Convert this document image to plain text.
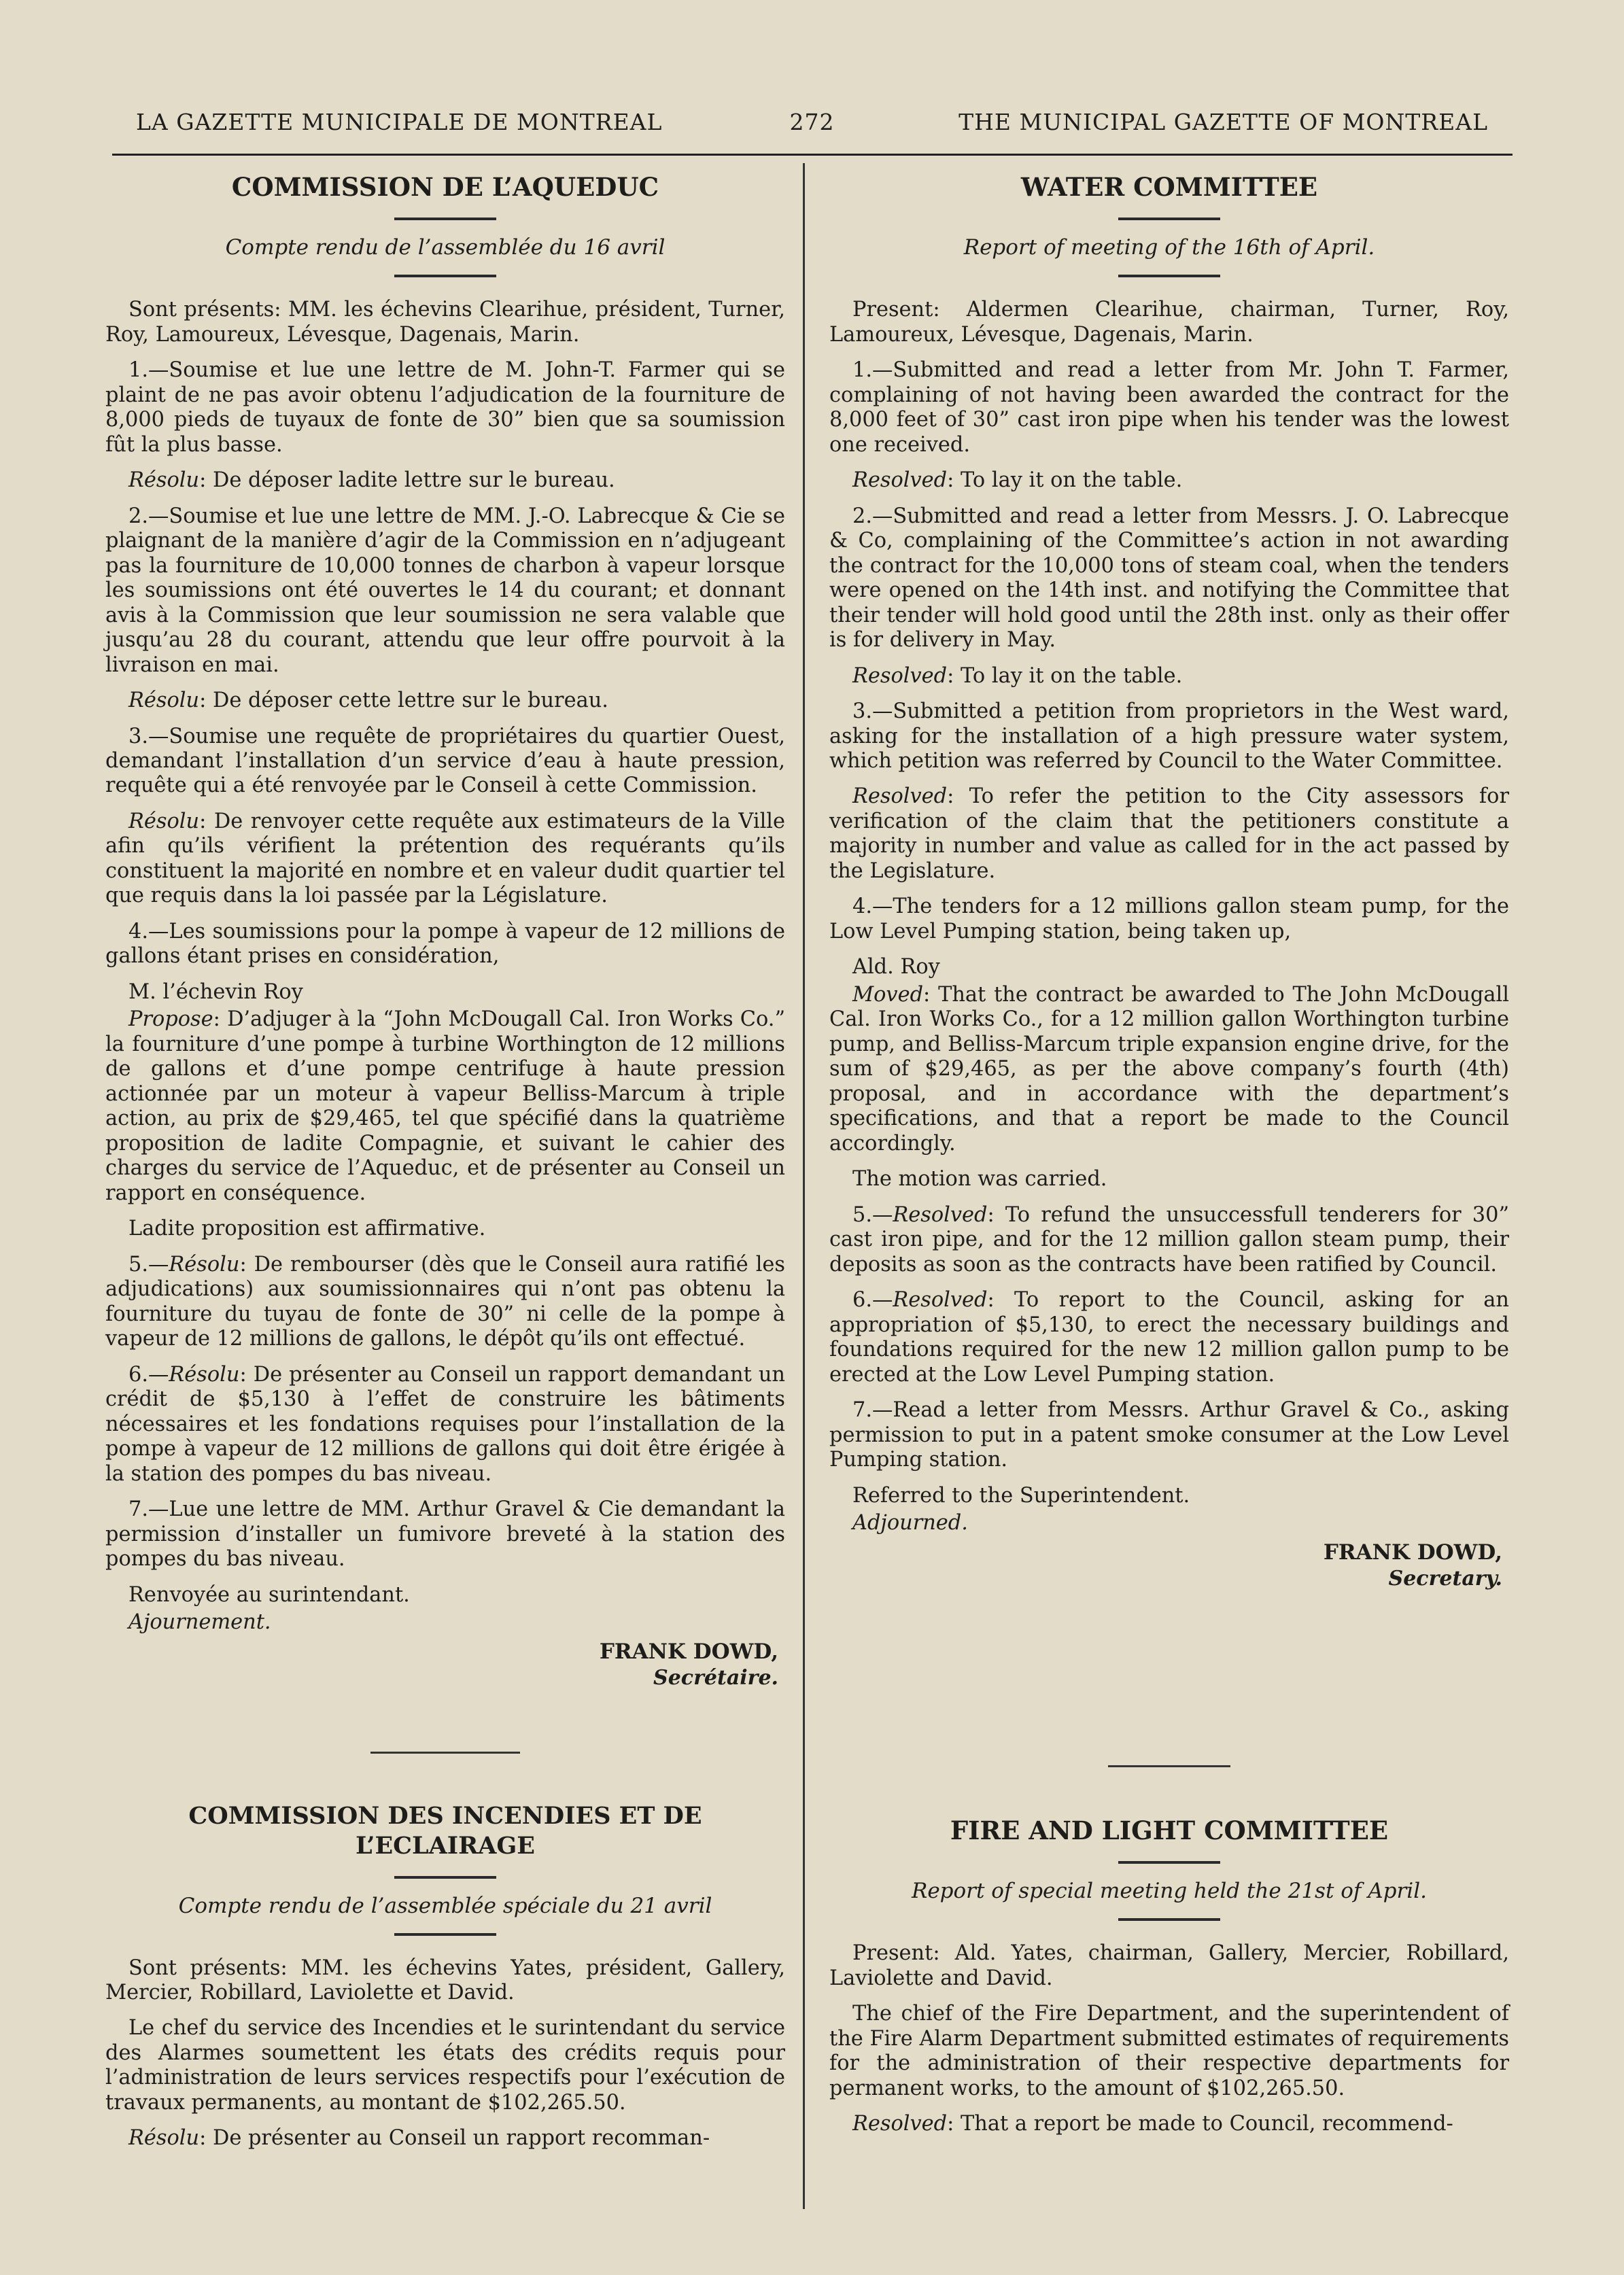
LA GAZETTE MUNICIPALE DE MONTREAL	272	THE MUNICIPAL GAZETTE OF MONTREAL
COMMISSION DE L’AQUEDUC
Compte rendu de l’assemblée du 16 avril

Sont présents: MM. les échevins Clearihue, président, Turner, Roy, Lamoureux, Lévesque, Dagenais, Marin.

1.—Soumise et lue une lettre de M. John-T. Farmer qui se plaint de ne pas avoir obtenu l’adjudication de la fourniture de 8,000 pieds de tuyaux de fonte de 30” bien que sa soumission fût la plus basse.

Résolu: De déposer ladite lettre sur le bureau.

2.—Soumise et lue une lettre de MM. J.-O. Labrecque & Cie se plaignant de la manière d’agir de la Commission en n’adjugeant pas la fourniture de 10,000 tonnes de charbon à vapeur lorsque les soumissions ont été ouvertes le 14 du courant; et donnant avis à la Commission que leur soumission ne sera valable que jusqu’au 28 du courant, attendu que leur offre pourvoit à la livraison en mai.

Résolu: De déposer cette lettre sur le bureau.

3.—Soumise une requête de propriétaires du quartier Ouest, demandant l’installation d’un service d’eau à haute pression, requête qui a été renvoyée par le Conseil à cette Commission.

Résolu: De renvoyer cette requête aux estimateurs de la Ville afin qu’ils vérifient la prétention des requérants qu’ils constituent la majorité en nombre et en valeur dudit quartier tel que requis dans la loi passée par la Législature.

4.—Les soumissions pour la pompe à vapeur de 12 millions de gallons étant prises en considération,

M. l’échevin Roy

Propose: D’adjuger à la “John McDougall Cal. Iron Works Co.” la fourniture d’une pompe à turbine Worthington de 12 millions de gallons et d’une pompe centrifuge à haute pression actionnée par un moteur à vapeur Belliss-Marcum à triple action, au prix de $29,465, tel que spécifié dans la quatrième proposition de ladite Compagnie, et suivant le cahier des charges du service de l’Aqueduc, et de présenter au Conseil un rapport en conséquence.

Ladite proposition est affirmative.

5.—Résolu: De rembourser (dès que le Conseil aura ratifié les adjudications) aux soumissionnaires qui n’ont pas obtenu la fourniture du tuyau de fonte de 30” ni celle de la pompe à vapeur de 12 millions de gallons, le dépôt qu’ils ont effectué.

6.—Résolu: De présenter au Conseil un rapport demandant un crédit de $5,130 à l’effet de construire les bâtiments nécessaires et les fondations requises pour l’installation de la pompe à vapeur de 12 millions de gallons qui doit être érigée à la station des pompes du bas niveau.

7.—Lue une lettre de MM. Arthur Gravel & Cie demandant la permission d’installer un fumivore breveté à la station des pompes du bas niveau.

Renvoyée au surintendant.

Ajournement.

FRANK DOWD,
Secrétaire.
COMMISSION DES INCENDIES ET DE L’ECLAIRAGE
Compte rendu de l’assemblée spéciale du 21 avril

Sont présents: MM. les échevins Yates, président, Gallery, Mercier, Robillard, Laviolette et David.

Le chef du service des Incendies et le surintendant du service des Alarmes soumettent les états des crédits requis pour l’administration de leurs services respectifs pour l’exécution de travaux permanents, au montant de $102,265.50.

Résolu: De présenter au Conseil un rapport recomman-

WATER COMMITTEE
Report of meeting of the 16th of April.

Present: Aldermen Clearihue, chairman, Turner, Roy, Lamoureux, Lévesque, Dagenais, Marin.

1.—Submitted and read a letter from Mr. John T. Farmer, complaining of not having been awarded the contract for the 8,000 feet of 30” cast iron pipe when his tender was the lowest one received.

Resolved: To lay it on the table.

2.—Submitted and read a letter from Messrs. J. O. Labrecque & Co, complaining of the Committee’s action in not awarding the contract for the 10,000 tons of steam coal, when the tenders were opened on the 14th inst. and notifying the Committee that their tender will hold good until the 28th inst. only as their offer is for delivery in May.

Resolved: To lay it on the table.

3.—Submitted a petition from proprietors in the West ward, asking for the installation of a high pressure water system, which petition was referred by Council to the Water Committee.

Resolved: To refer the petition to the City assessors for verification of the claim that the petitioners constitute a majority in number and value as called for in the act passed by the Legislature.

4.—The tenders for a 12 millions gallon steam pump, for the Low Level Pumping station, being taken up,

Ald. Roy

Moved: That the contract be awarded to The John McDougall Cal. Iron Works Co., for a 12 million gallon Worthington turbine pump, and Belliss-Marcum triple expansion engine drive, for the sum of $29,465, as per the above company’s fourth (4th) proposal, and in accordance with the department’s specifications, and that a report be made to the Council accordingly.

The motion was carried.

5.—Resolved: To refund the unsuccessfull tenderers for 30” cast iron pipe, and for the 12 million gallon steam pump, their deposits as soon as the contracts have been ratified by Council.

6.—Resolved: To report to the Council, asking for an appropriation of $5,130, to erect the necessary buildings and foundations required for the new 12 million gallon pump to be erected at the Low Level Pumping station.

7.—Read a letter from Messrs. Arthur Gravel & Co., asking permission to put in a patent smoke consumer at the Low Level Pumping station.

Referred to the Superintendent.

Adjourned.

FRANK DOWD,
Secretary.
FIRE AND LIGHT COMMITTEE
Report of special meeting held the 21st of April.

Present: Ald. Yates, chairman, Gallery, Mercier, Robillard, Laviolette and David.

The chief of the Fire Department, and the superintendent of the Fire Alarm Department submitted estimates of requirements for the administration of their respective departments for permanent works, to the amount of $102,265.50.

Resolved: That a report be made to Council, recommend-
